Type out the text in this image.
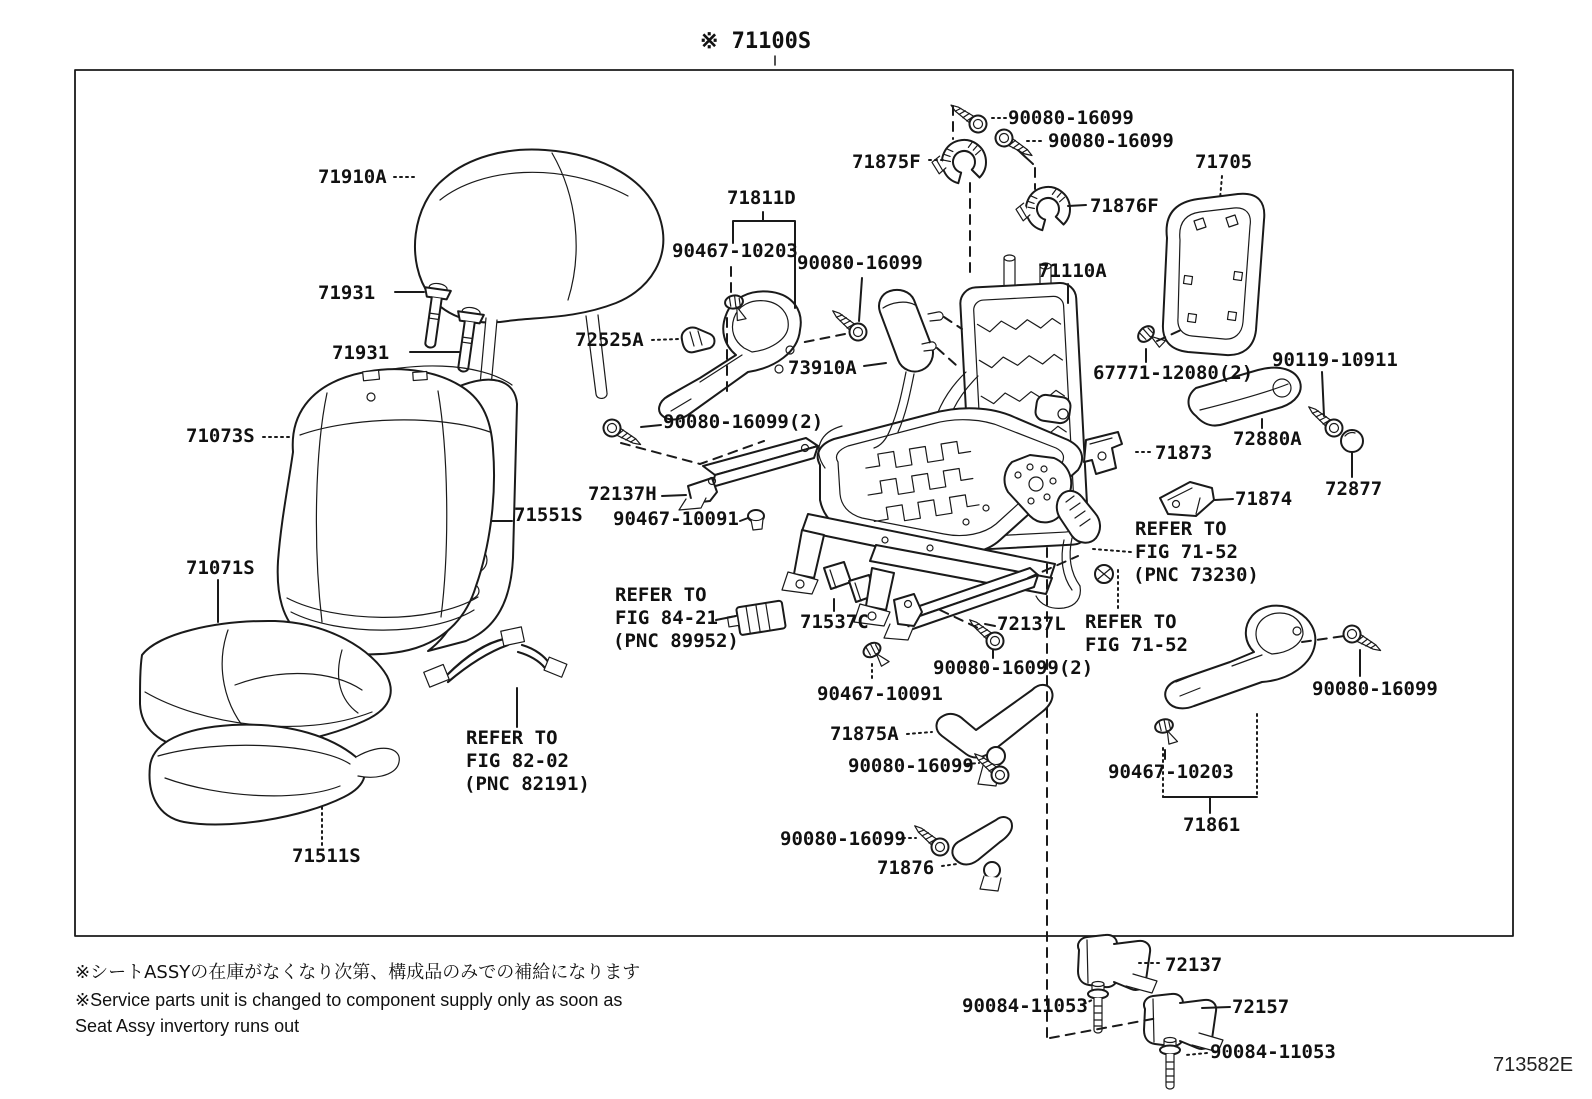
※ 71100S
71910A
71931
71931
71073S
71071S
71511S
REFER TO
FIG 82-02
(PNC 82191)
71811D
90467-10203
72525A
90080-16099
73910A
90080-16099(2)
72137H
90467-10091
71551S
REFER TO
FIG 84-21
(PNC 89952)
71537C	72137L REFER TO
FIG 71-52
90080-16099(2)
90467-10091
71875A
90080-16099
90080-16099
71876
71875F
90080-16099
90080-16099
71876F
71705
71110A
67771-12080(2)
90119-10911
72880A
71873
72877
71874
REFER TO
FIG 71-52
(PNC 73230)
90080-16099
90467-10203
71861
72137
90084-11053	72157
90084-11053
※シートASSYの在庫がなくなり次第、構成品のみでの補給になります
※Service parts unit is changed to component supply only as soon as
Seat Assy invertory runs out
713582E
